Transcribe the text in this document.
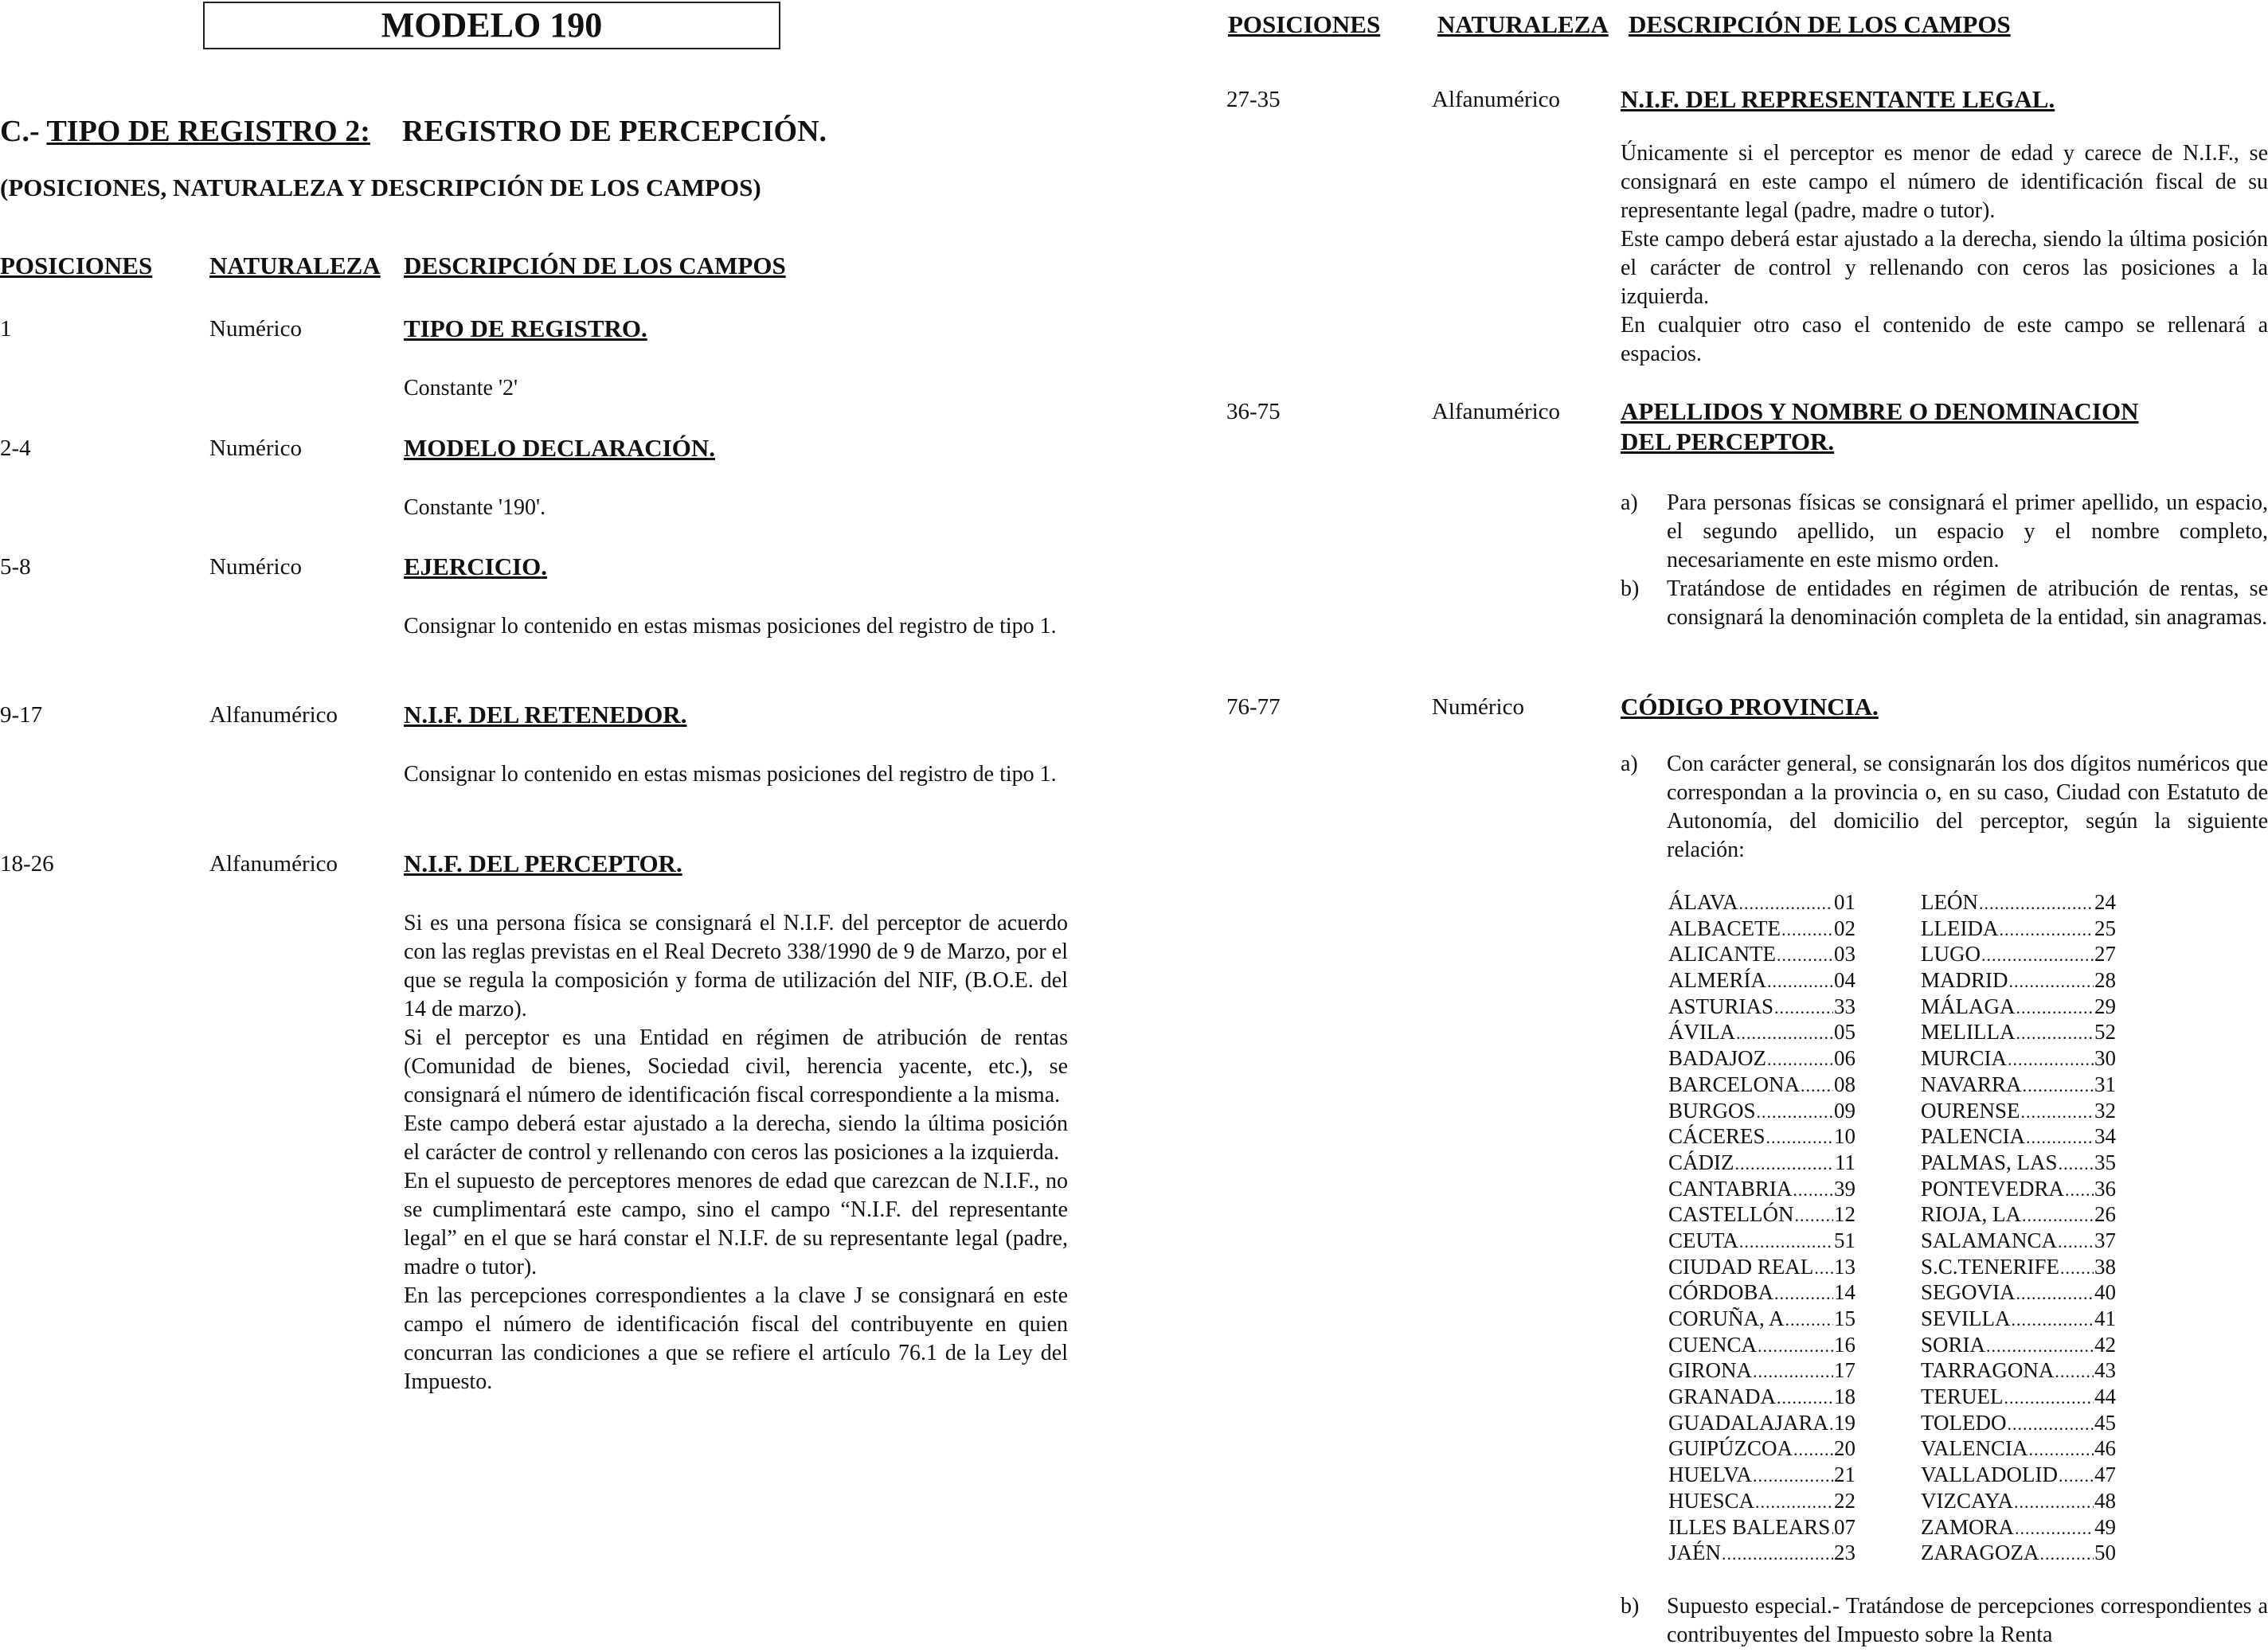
MODELO 190
C.- TIPO DE REGISTRO 2: REGISTRO DE PERCEPCIÓN.
(POSICIONES, NATURALEZA Y DESCRIPCIÓN DE LOS CAMPOS)
POSICIONES NATURALEZA DESCRIPCIÓN DE LOS CAMPOS
1	Numérico	TIPO DE REGISTRO.

Constante '2'

2-4	Numérico	MODELO DECLARACIÓN.

Constante '190'.

5-8	Numérico	EJERCICIO.

Consignar lo contenido en estas mismas posiciones del registro de tipo 1.

9-17	Alfanumérico	N.I.F. DEL RETENEDOR.

Consignar lo contenido en estas mismas posiciones del registro de tipo 1.

18-26	Alfanumérico	N.I.F. DEL PERCEPTOR.

Si es una persona física se consignará el N.I.F. del perceptor de acuerdo con las reglas previstas en el Real Decreto 338/1990 de 9 de Marzo, por el que se regula la composición y forma de utilización del NIF, (B.O.E. del 14 de marzo).

Si el perceptor es una Entidad en régimen de atribución de rentas (Comunidad de bienes, Sociedad civil, herencia yacente, etc.), se consignará el número de identificación fiscal correspondiente a la misma.

Este campo deberá estar ajustado a la derecha, siendo la última posición el carácter de control y rellenando con ceros las posiciones a la izquierda.

En el supuesto de perceptores menores de edad que carezcan de N.I.F., no se cumplimentará este campo, sino el campo “N.I.F. del representante legal” en el que se hará constar el N.I.F. de su representante legal (padre, madre o tutor).

En las percepciones correspondientes a la clave J se consignará en este campo el número de identificación fiscal del contribuyente en quien concurran las condiciones a que se refiere el artículo 76.1 de la Ley del Impuesto.

POSICIONES NATURALEZA DESCRIPCIÓN DE LOS CAMPOS
27-35	Alfanumérico N.I.F. DEL REPRESENTANTE LEGAL.

Únicamente si el perceptor es menor de edad y carece de N.I.F., se consignará en este campo el número de identificación fiscal de su representante legal (padre, madre o tutor).

Este campo deberá estar ajustado a la derecha, siendo la última posición el carácter de control y rellenando con ceros las posiciones a la izquierda.

En cualquier otro caso el contenido de este campo se rellenará a espacios.

36-75	Alfanumérico APELLIDOS Y NOMBRE O DENOMINACION
DEL PERCEPTOR.
a) Para personas físicas se consignará el primer apellido, un espacio, el segundo apellido, un espacio y el nombre completo, necesariamente en este mismo orden.
b) Tratándose de entidades en régimen de atribución de rentas, se consignará la denominación completa de la entidad, sin anagramas.
76-77	Numérico	CÓDIGO PROVINCIA.
a) Con carácter general, se consignarán los dos dígitos numéricos que correspondan a la provincia o, en su caso, Ciudad con Estatuto de Autonomía, del domicilio del perceptor, según la siguiente relación:
ÁLAVA .....	01
ALBACETE ..... 02
ALICANTE .....	03
ALMERÍA .....	04
ASTURIAS .....	33
ÁVILA .....	05
BADAJOZ .....	06
BARCELONA ..... 08
BURGOS .....	09
CÁCERES .....	10
CÁDIZ .....	11
CANTABRIA ..... 39
CASTELLÓN ..... 12
CEUTA .....	51
CIUDAD REAL ..... 13
CÓRDOBA .....	14
CORUÑA, A ..... 15
CUENCA .....	16
GIRONA .....	17
GRANADA .....	18
GUADALAJARA ..... 19
GUIPÚZCOA ..... 20
HUELVA .....	21
HUESCA .....	22
ILLES BALEARS ..... 07
JAÉN .....	23
LEÓN .....	24
LLEIDA .....	25
LUGO .....	27
MADRID .....	28
MÁLAGA .....	29
MELILLA .....	52
MURCIA .....	30
NAVARRA .....	31
OURENSE .....	32
PALENCIA .....	34
PALMAS, LAS ..... 35
PONTEVEDRA ..... 36
RIOJA, LA .....	26
SALAMANCA ..... 37
S.C.TENERIFE ..... 38
SEGOVIA .....	40
SEVILLA .....	41
SORIA .....	42
TARRAGONA ..... 43
TERUEL .....	44
TOLEDO .....	45
VALENCIA .....	46
VALLADOLID ..... 47
VIZCAYA .....	48
ZAMORA .....	49
ZARAGOZA .....	50
b) Supuesto especial.- Tratándose de percepciones correspondientes a contribuyentes del Impuesto sobre la Renta
